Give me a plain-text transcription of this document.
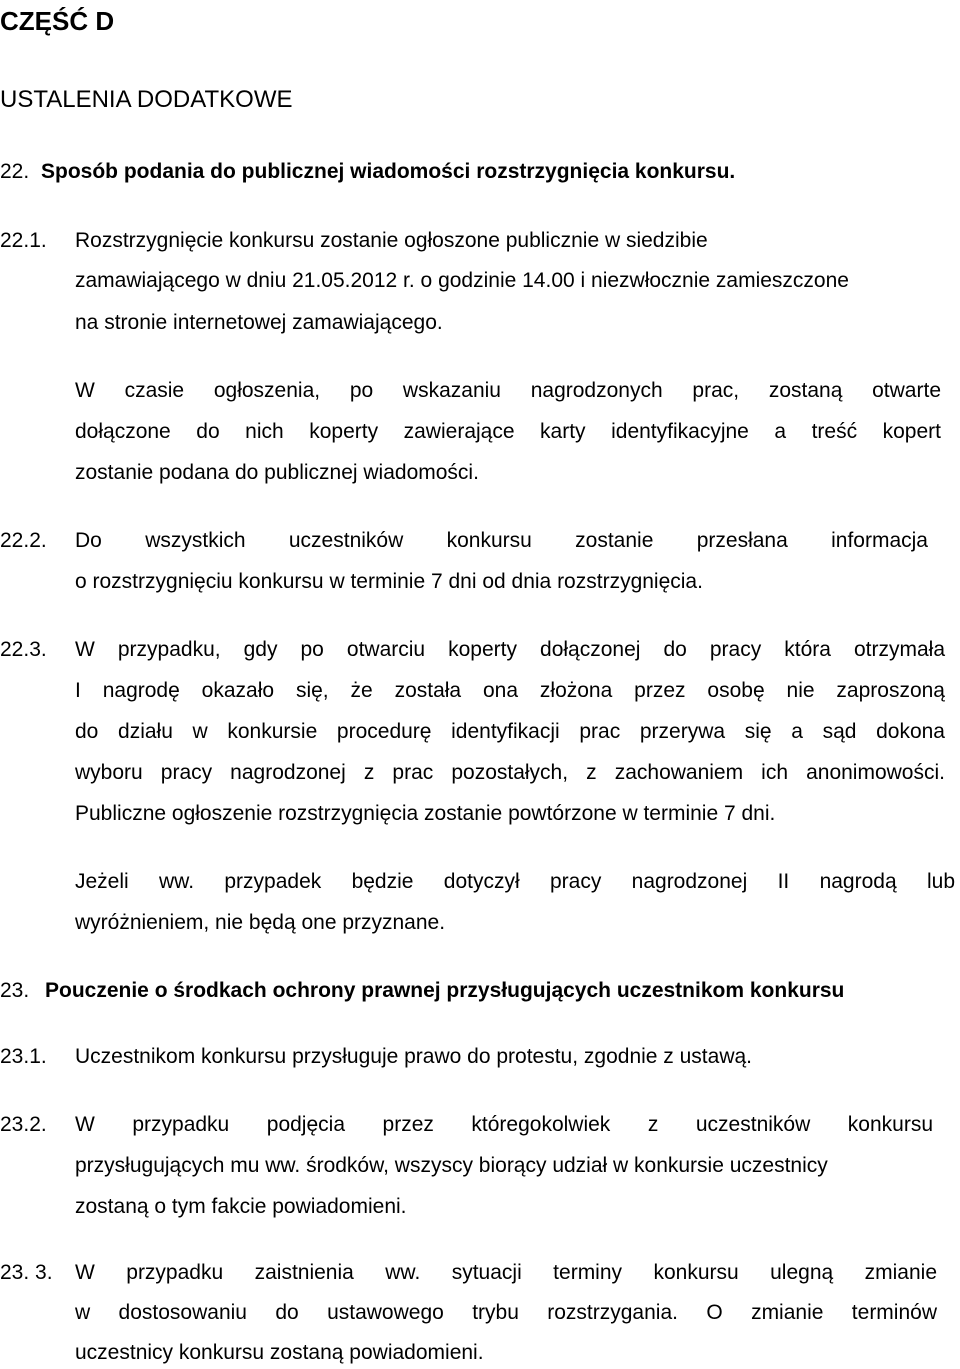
CZĘŚĆ D
USTALENIA DODATKOWE
22. Sposób podania do publicznej wiadomości rozstrzygnięcia konkursu.
22.1. Rozstrzygnięcie konkursu zostanie ogłoszone publicznie w siedzibie
zamawiającego w dniu 21.05.2012 r. o godzinie 14.00 i niezwłocznie zamieszczone
na stronie internetowej zamawiającego.
W czasie ogłoszenia, po wskazaniu nagrodzonych prac, zostaną otwarte
dołączone do nich koperty zawierające karty identyfikacyjne a treść kopert
zostanie podana do publicznej wiadomości.
22.2. Do wszystkich uczestników konkursu zostanie przesłana informacja
o rozstrzygnięciu konkursu w terminie 7 dni od dnia rozstrzygnięcia.
22.3. W przypadku, gdy po otwarciu koperty dołączonej do pracy która otrzymała
I nagrodę okazało się, że została ona złożona przez osobę nie zaproszoną
do działu w konkursie procedurę identyfikacji prac przerywa się a sąd dokona
wyboru pracy nagrodzonej z prac pozostałych, z zachowaniem ich anonimowości.
Publiczne ogłoszenie rozstrzygnięcia zostanie powtórzone w terminie 7 dni.
Jeżeli ww. przypadek będzie dotyczył pracy nagrodzonej II nagrodą lub
wyróżnieniem, nie będą one przyznane.
23. Pouczenie o środkach ochrony prawnej przysługujących uczestnikom konkursu
23.1. Uczestnikom konkursu przysługuje prawo do protestu, zgodnie z ustawą.
23.2. W przypadku podjęcia przez któregokolwiek z uczestników konkursu
przysługujących mu ww. środków, wszyscy biorący udział w konkursie uczestnicy
zostaną o tym fakcie powiadomieni.
23. 3. W przypadku zaistnienia ww. sytuacji terminy konkursu ulegną zmianie
w dostosowaniu do ustawowego trybu rozstrzygania. O zmianie terminów
uczestnicy konkursu zostaną powiadomieni.
